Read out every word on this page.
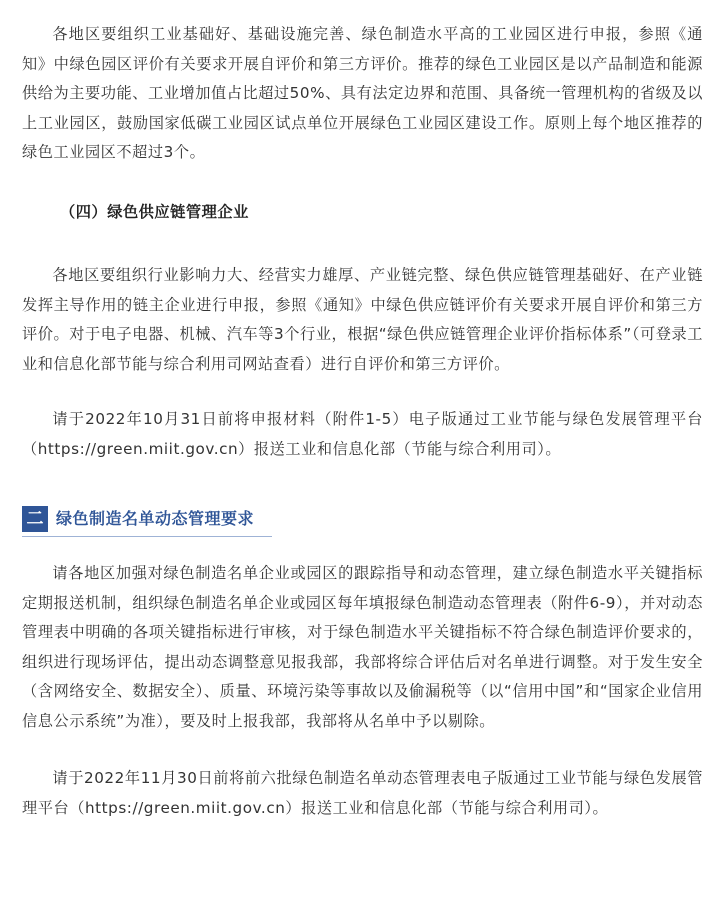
各地区要组织工业基础好、基础设施完善、绿色制造水平高的工业园区进行申报，参照《通知》中绿色园区评价有关要求开展自评价和第三方评价。推荐的绿色工业园区是以产品制造和能源供给为主要功能、工业增加值占比超过50%、具有法定边界和范围、具备统一管理机构的省级及以上工业园区，鼓励国家低碳工业园区试点单位开展绿色工业园区建设工作。原则上每个地区推荐的绿色工业园区不超过3个。

（四）绿色供应链管理企业

各地区要组织行业影响力大、经营实力雄厚、产业链完整、绿色供应链管理基础好、在产业链发挥主导作用的链主企业进行申报，参照《通知》中绿色供应链评价有关要求开展自评价和第三方评价。对于电子电器、机械、汽车等3个行业，根据“绿色供应链管理企业评价指标体系”（可登录工业和信息化部节能与综合利用司网站查看）进行自评价和第三方评价。

请于2022年10月31日前将申报材料（附件1-5）电子版通过工业节能与绿色发展管理平台（https://green.miit.gov.cn）报送工业和信息化部（节能与综合利用司）。

二 绿色制造名单动态管理要求

请各地区加强对绿色制造名单企业或园区的跟踪指导和动态管理，建立绿色制造水平关键指标定期报送机制，组织绿色制造名单企业或园区每年填报绿色制造动态管理表（附件6-9），并对动态管理表中明确的各项关键指标进行审核，对于绿色制造水平关键指标不符合绿色制造评价要求的，组织进行现场评估，提出动态调整意见报我部，我部将综合评估后对名单进行调整。对于发生安全（含网络安全、数据安全）、质量、环境污染等事故以及偷漏税等（以“信用中国”和“国家企业信用信息公示系统”为准），要及时上报我部，我部将从名单中予以剔除。

请于2022年11月30日前将前六批绿色制造名单动态管理表电子版通过工业节能与绿色发展管理平台（https://green.miit.gov.cn）报送工业和信息化部（节能与综合利用司）。
